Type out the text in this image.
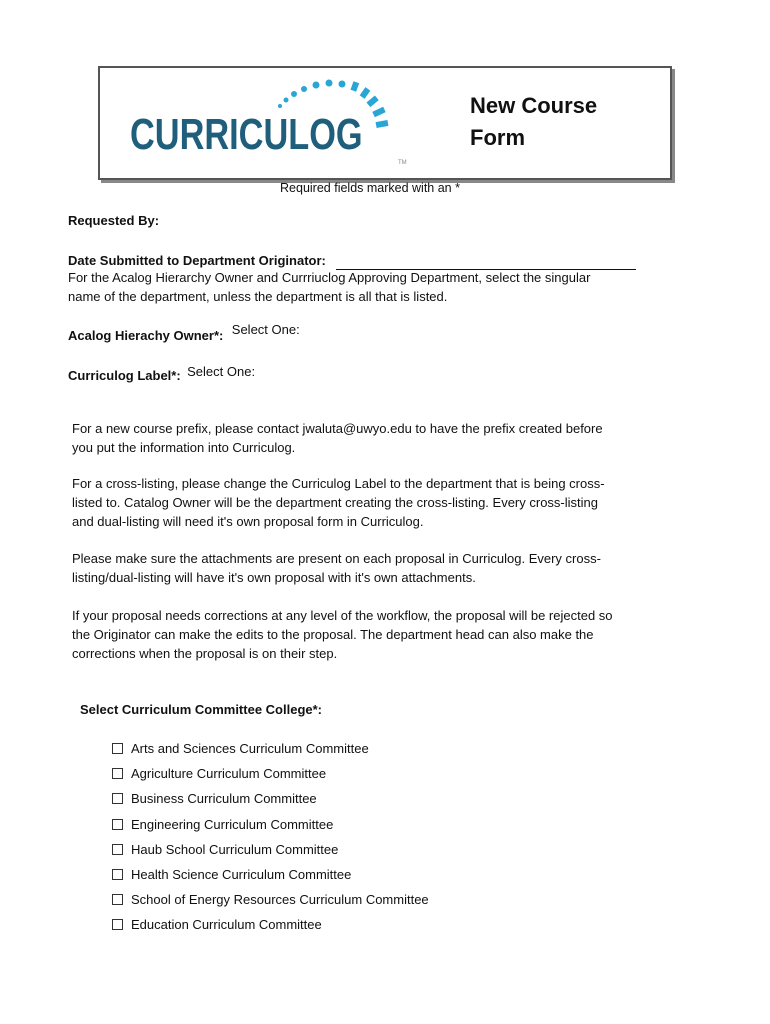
CURRICULOG
TM
New Course
Form
Required fields marked with an *
Requested By:
Date Submitted to Department Originator:
For the Acalog Hierarchy Owner and Currriuclog Approving Department, select the singular
name of the department, unless the department is all that is listed.
Acalog Hierachy Owner*: Select One:
Curriculog Label*: Select One:
For a new course prefix, please contact jwaluta@uwyo.edu to have the prefix created before
you put the information into Curriculog.
For a cross-listing, please change the Curriculog Label to the department that is being cross-
listed to. Catalog Owner will be the department creating the cross-listing. Every cross-listing
and dual-listing will need it's own proposal form in Curriculog.
Please make sure the attachments are present on each proposal in Curriculog. Every cross-
listing/dual-listing will have it's own proposal with it's own attachments.
If your proposal needs corrections at any level of the workflow, the proposal will be rejected so
the Originator can make the edits to the proposal. The department head can also make the
corrections when the proposal is on their step.
Select Curriculum Committee College*:
Arts and Sciences Curriculum Committee
Agriculture Curriculum Committee
Business Curriculum Committee
Engineering Curriculum Committee
Haub School Curriculum Committee
Health Science Curriculum Committee
School of Energy Resources Curriculum Committee
Education Curriculum Committee
